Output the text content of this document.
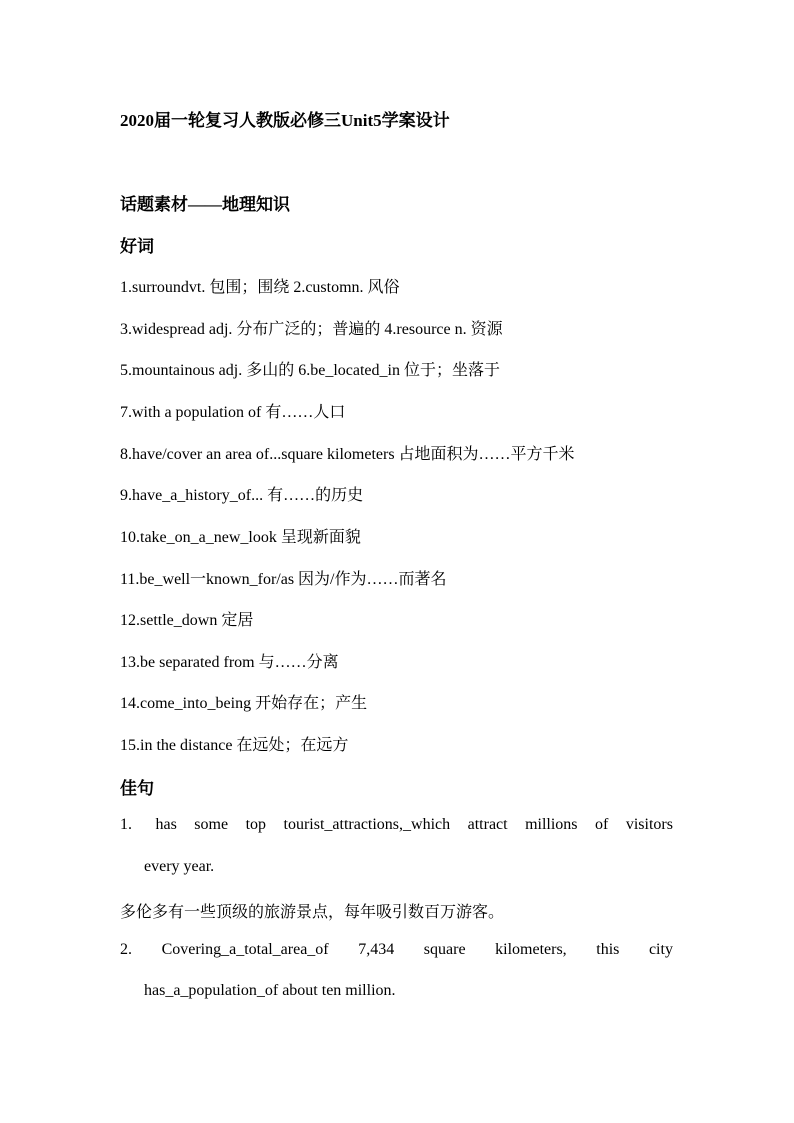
2020届一轮复习人教版必修三Unit5学案设计
话题素材——地理知识
好词
1.surroundvt. 包围；围绕 2.customn. 风俗
3.widespread adj. 分布广泛的；普遍的 4.resource n. 资源
5.mountainous adj. 多山的 6.be_located_in 位于；坐落于
7.with a population of 有……人口
8.have/cover an area of...square kilometers 占地面积为……平方千米
9.have_a_history_of... 有……的历史
10.take_on_a_new_look 呈现新面貌
11.be_well一known_for/as 因为/作为……而著名
12.settle_down 定居
13.be separated from 与……分离
14.come_into_being 开始存在；产生
15.in the distance 在远处；在远方
佳句
1.	has some top tourist_attractions,_which attract millions of visitors
every year.
多伦多有一些顶级的旅游景点，每年吸引数百万游客。
2. Covering_a_total_area_of 7,434 square kilometers, this city
has_a_population_of about ten million.
